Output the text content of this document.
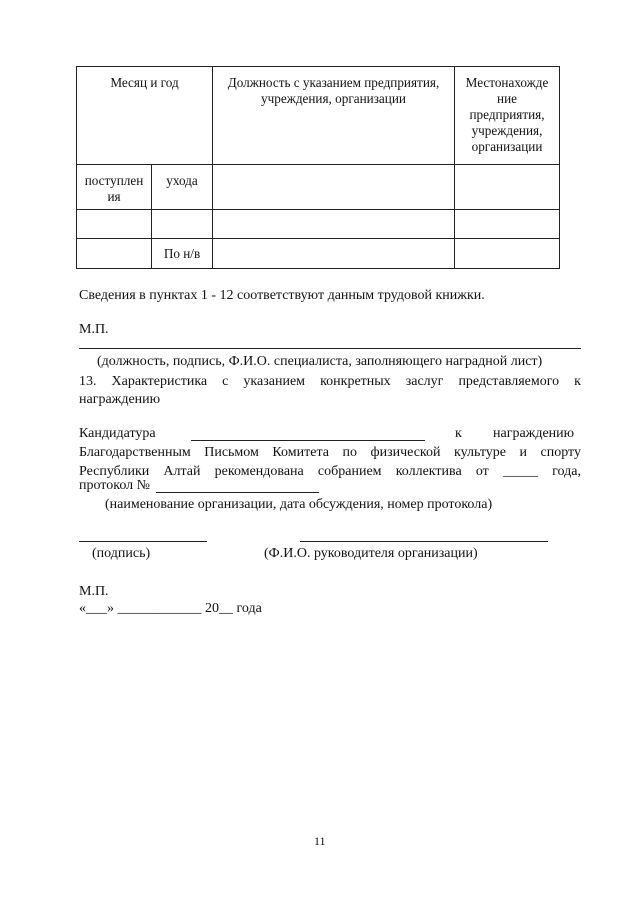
Месяц и год		Должность с указанием предприятия, учреждения, организации	Местонахожде
ние
предприятия,
учреждения,
организации

поступлен ия	ухода		

	По н/в		
Сведения в пунктах 1 - 12 соответствуют данным трудовой книжки.
М.П.
(должность, подпись, Ф.И.О. специалиста, заполняющего наградной лист)
13. Характеристика с указанием конкретных заслуг представляемого к
награждению
Кандидатура	к награждению
Благодарственным Письмом Комитета по физической культуре и спорту
Республики Алтай рекомендована собранием коллектива от _____ года,
протокол №
(наименование организации, дата обсуждения, номер протокола)
(подпись)	(Ф.И.О. руководителя организации)
М.П.
«___» ____________ 20__ года
11
